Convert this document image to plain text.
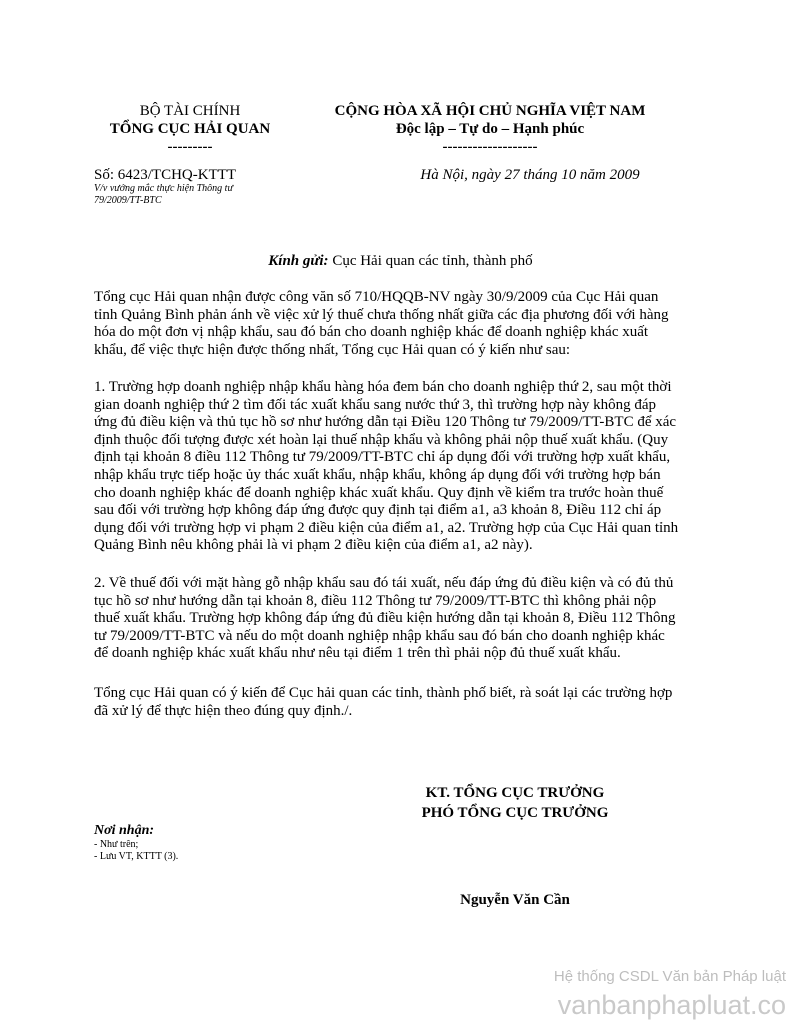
BỘ TÀI CHÍNH
TỔNG CỤC HẢI QUAN
---------
Số: 6423/TCHQ-KTTT
V/v vướng mắc thực hiện Thông tư
79/2009/TT-BTC
CỘNG HÒA XÃ HỘI CHỦ NGHĨA VIỆT NAM
Độc lập – Tự do – Hạnh phúc
-------------------
Hà Nội, ngày 27 tháng 10 năm 2009
Kính gửi: Cục Hải quan các tỉnh, thành phố
Tổng cục Hải quan nhận được công văn số 710/HQQB-NV ngày 30/9/2009 của Cục Hải quan
tỉnh Quảng Bình phản ánh về việc xử lý thuế chưa thống nhất giữa các địa phương đối với hàng
hóa do một đơn vị nhập khẩu, sau đó bán cho doanh nghiệp khác để doanh nghiệp khác xuất
khẩu, để việc thực hiện được thống nhất, Tổng cục Hải quan có ý kiến như sau:
1. Trường hợp doanh nghiệp nhập khẩu hàng hóa đem bán cho doanh nghiệp thứ 2, sau một thời
gian doanh nghiệp thứ 2 tìm đối tác xuất khẩu sang nước thứ 3, thì trường hợp này không đáp
ứng đủ điều kiện và thủ tục hồ sơ như hướng dẫn tại Điều 120 Thông tư 79/2009/TT-BTC để xác
định thuộc đối tượng được xét hoàn lại thuế nhập khẩu và không phải nộp thuế xuất khẩu. (Quy
định tại khoản 8 điều 112 Thông tư 79/2009/TT-BTC chỉ áp dụng đối với trường hợp xuất khẩu,
nhập khẩu trực tiếp hoặc ủy thác xuất khẩu, nhập khẩu, không áp dụng đối với trường hợp bán
cho doanh nghiệp khác để doanh nghiệp khác xuất khẩu. Quy định về kiểm tra trước hoàn thuế
sau đối với trường hợp không đáp ứng được quy định tại điểm a1, a3 khoản 8, Điều 112 chỉ áp
dụng đối với trường hợp vi phạm 2 điều kiện của điểm a1, a2. Trường hợp của Cục Hải quan tỉnh
Quảng Bình nêu không phải là vi phạm 2 điều kiện của điểm a1, a2 này).
2. Về thuế đối với mặt hàng gỗ nhập khẩu sau đó tái xuất, nếu đáp ứng đủ điều kiện và có đủ thủ
tục hồ sơ như hướng dẫn tại khoản 8, điều 112 Thông tư 79/2009/TT-BTC thì không phải nộp
thuế xuất khẩu. Trường hợp không đáp ứng đủ điều kiện hướng dẫn tại khoản 8, Điều 112 Thông
tư 79/2009/TT-BTC và nếu do một doanh nghiệp nhập khẩu sau đó bán cho doanh nghiệp khác
để doanh nghiệp khác xuất khẩu như nêu tại điểm 1 trên thì phải nộp đủ thuế xuất khẩu.
Tổng cục Hải quan có ý kiến để Cục hải quan các tỉnh, thành phố biết, rà soát lại các trường hợp
đã xử lý để thực hiện theo đúng quy định./.
KT. TỔNG CỤC TRƯỞNG
PHÓ TỔNG CỤC TRƯỞNG
Nguyễn Văn Cần
Nơi nhận:
- Như trên;
- Lưu VT, KTTT (3).
Hệ thống CSDL Văn bản Pháp luật
vanbanphapluat.co
